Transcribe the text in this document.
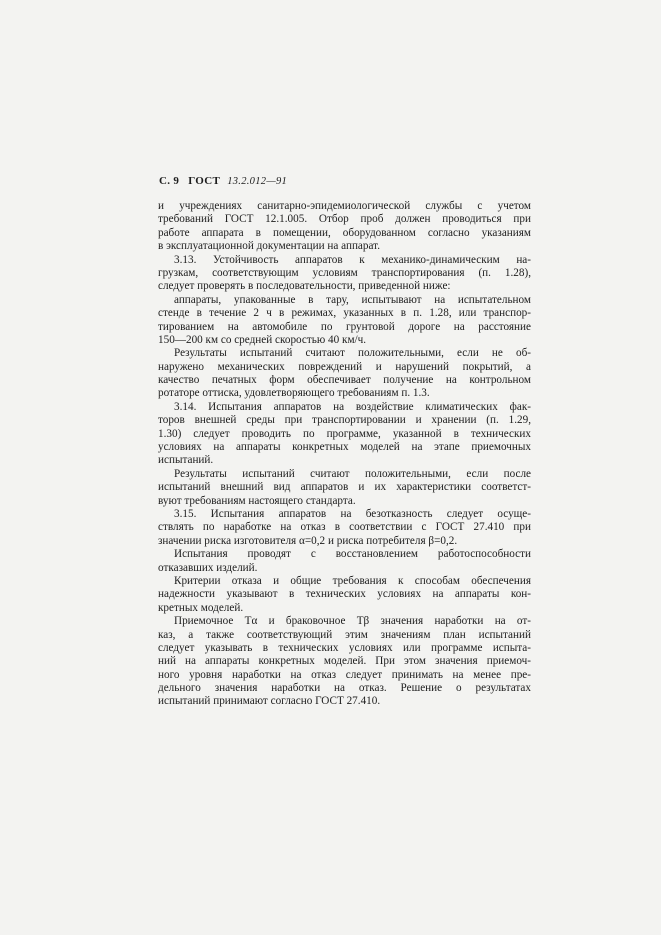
С. 9 ГОСТ 13.2.012—91
и учреждениях санитарно-эпидемиологической службы с учетом
требований ГОСТ 12.1.005. Отбор проб должен проводиться при
работе аппарата в помещении, оборудованном согласно указаниям
в эксплуатационной документации на аппарат.
3.13. Устойчивость аппаратов к механико-динамическим на-
грузкам, соответствующим условиям транспортирования (п. 1.28),
следует проверять в последовательности, приведенной ниже:
аппараты, упакованные в тару, испытывают на испытательном
стенде в течение 2 ч в режимах, указанных в п. 1.28, или транспор-
тированием на автомобиле по грунтовой дороге на расстояние
150—200 км со средней скоростью 40 км/ч.
Результаты испытаний считают положительными, если не об-
наружено механических повреждений и нарушений покрытий, а
качество печатных форм обеспечивает получение на контрольном
ротаторе оттиска, удовлетворяющего требованиям п. 1.3.
3.14. Испытания аппаратов на воздействие климатических фак-
торов внешней среды при транспортировании и хранении (п. 1.29,
1.30) следует проводить по программе, указанной в технических
условиях на аппараты конкретных моделей на этапе приемочных
испытаний.
Результаты испытаний считают положительными, если после
испытаний внешний вид аппаратов и их характеристики соответст-
вуют требованиям настоящего стандарта.
3.15. Испытания аппаратов на безотказность следует осуще-
ствлять по наработке на отказ в соответствии с ГОСТ 27.410 при
значении риска изготовителя α=0,2 и риска потребителя β=0,2.
Испытания проводят с восстановлением работоспособности
отказавших изделий.
Критерии отказа и общие требования к способам обеспечения
надежности указывают в технических условиях на аппараты кон-
кретных моделей.
Приемочное Tα и браковочное Tβ значения наработки на от-
каз, а также соответствующий этим значениям план испытаний
следует указывать в технических условиях или программе испыта-
ний на аппараты конкретных моделей. При этом значения приемоч-
ного уровня наработки на отказ следует принимать на менее пре-
дельного значения наработки на отказ. Решение о результатах
испытаний принимают согласно ГОСТ 27.410.
